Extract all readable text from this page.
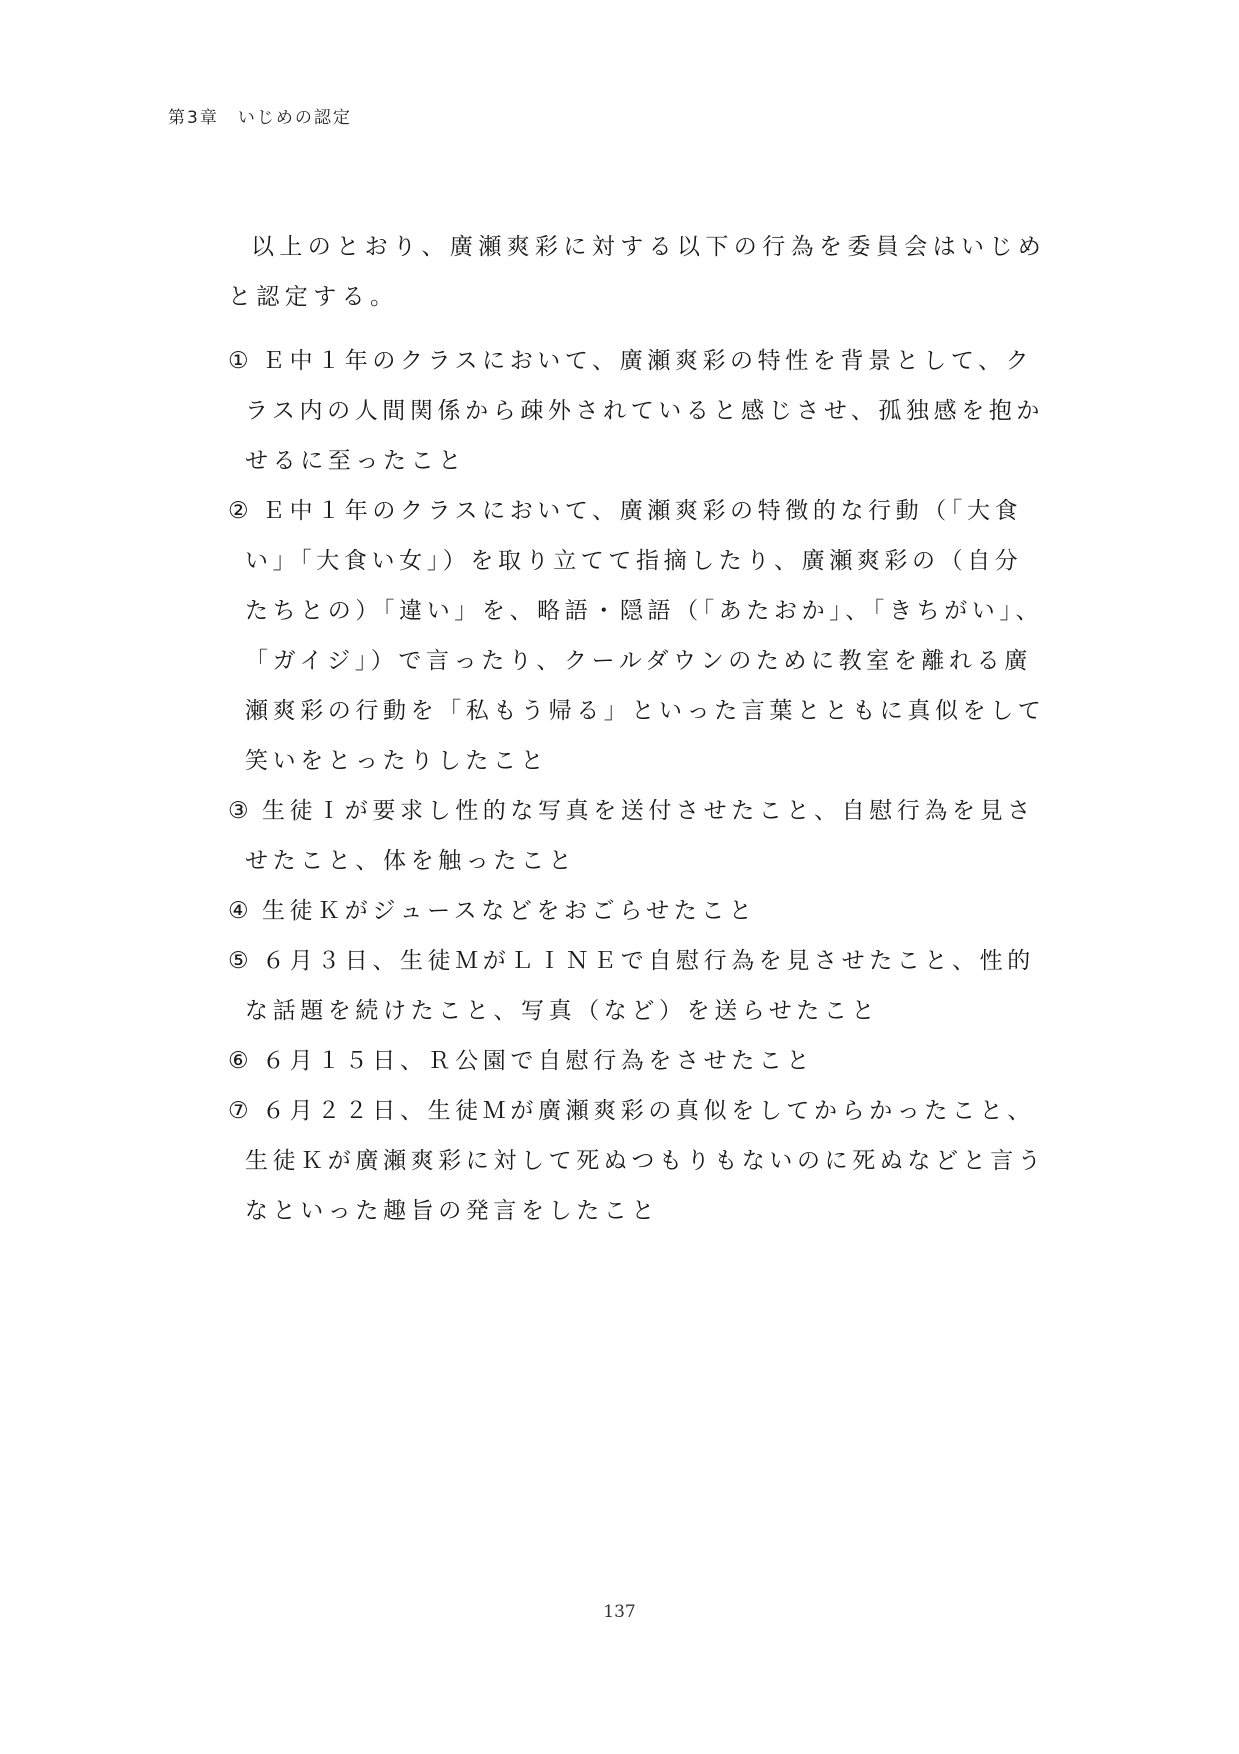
第3章　いじめの認定

以上のとおり、廣瀬爽彩に対する以下の行為を委員会はいじめと認定する。

① Ｅ中１年のクラスにおいて、廣瀬爽彩の特性を背景として、クラス内の人間関係から疎外されていると感じさせ、孤独感を抱かせるに至ったこと
② Ｅ中１年のクラスにおいて、廣瀬爽彩の特徴的な行動（「大食い」「大食い女」）を取り立てて指摘したり、廣瀬爽彩の（自分たちとの）「違い」を、略語・隠語（「あたおか」、「きちがい」、「ガイジ」）で言ったり、クールダウンのために教室を離れる廣瀬爽彩の行動を「私もう帰る」といった言葉とともに真似をして笑いをとったりしたこと
③ 生徒Ｉが要求し性的な写真を送付させたこと、自慰行為を見させたこと、体を触ったこと
④ 生徒Ｋがジュースなどをおごらせたこと
⑤ ６月３日、生徒ＭがＬＩＮＥで自慰行為を見させたこと、性的な話題を続けたこと、写真（など）を送らせたこと
⑥ ６月１５日、Ｒ公園で自慰行為をさせたこと
⑦ ６月２２日、生徒Ｍが廣瀬爽彩の真似をしてからかったこと、生徒Ｋが廣瀬爽彩に対して死ぬつもりもないのに死ぬなどと言うなといった趣旨の発言をしたこと
137
